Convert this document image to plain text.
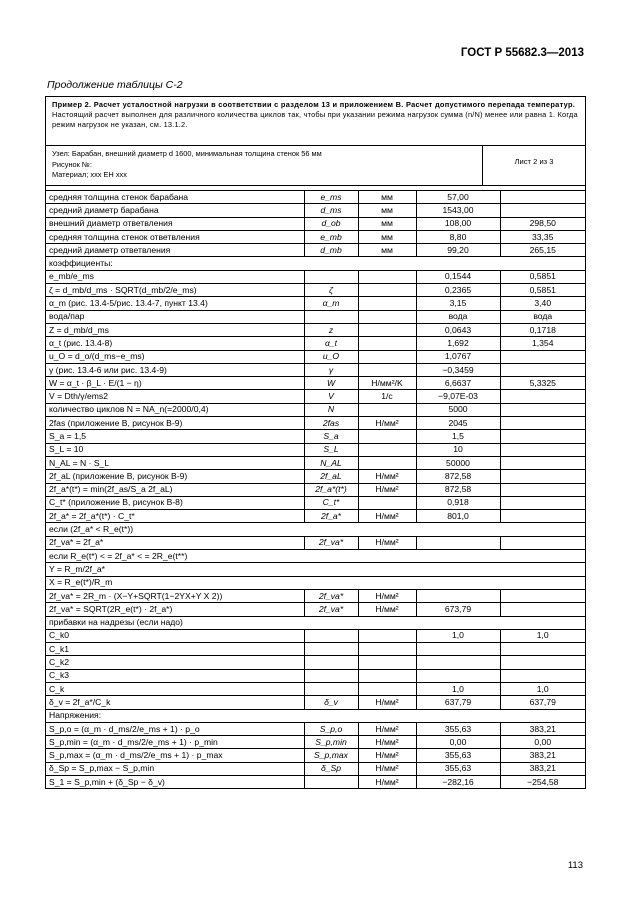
ГОСТ Р 55682.3—2013
Продолжение таблицы С-2
Пример 2. Расчет усталостной нагрузки в соответствии с разделом 13 и приложением В. Расчет допустимого перепада температур.
Настоящий расчет выполнен для различного количества циклов так, чтобы при указании режима нагрузок сумма (n/N) менее или равна 1. Когда режим нагрузок не указан, см. 13.1.2.
Узел: Барабан, внешний диаметр d 1600, минимальная толщина стенок 56 мм
Рисунок №:
Материал; xxx EH xxx
Лист 2 из 3
средняя толщина стенок барабана	e_ms	мм	57,00	
средний диаметр барабана	d_ms	мм	1543,00	
внешний диаметр ответвления	d_ob	мм	108,00	298,50
средняя толщина стенок ответвления	e_mb	мм	8,80	33,35
средний диаметр ответвления	d_mb	мм	99,20	265,15
коэффициенты:				
e_mb/e_ms			0,1544	0,5851
ζ = d_mb/d_ms · SQRT(d_mb/2/e_ms)	ζ		0,2365	0,5851
α_m (рис. 13.4-5/рис. 13.4-7, пункт 13.4)	α_m		3,15	3,40
вода/пар			вода	вода
Z = d_mb/d_ms	z		0,0643	0,1718
α_t (рис. 13.4-8)	α_t		1,692	1,354
u_O = d_o/(d_ms−e_ms)	u_O		1,0767	
γ (рис. 13.4-6 или рис. 13.4-9)	γ		−0,3459	
W = α_t · β_L · E/(1 − η)	W	Н/мм²/K	6,6637	5,3325
V = Dth/γ/ems2	V	1/с	−9,07E-03	
количество циклов N = NA_n(=2000/0,4)	N		5000	
2fas (приложение В, рисунок В-9)	2fas	Н/мм²	2045	
S_a = 1,5	S_a		1,5	
S_L = 10	S_L		10	
N_AL = N · S_L	N_AL		50000	
2f_aL (приложение В, рисунок В-9)	2f_aL	Н/мм²	872,58	
2f_a*(t*) = min(2f_as/S_a 2f_aL)	2f_a*(t*)	Н/мм²	872,58	
C_t* (приложение В, рисунок В-8)	C_t*		0,918	
2f_a* = 2f_a*(t*) · C_t*	2f_a*	Н/мм²	801,0	
если (2f_a* < R_e(t*))				
2f_va* = 2f_a*	2f_va*	Н/мм²		
если R_e(t*) < = 2f_a* < = 2R_e(t**)				
Y = R_m/2f_a*				
X = R_e(t*)/R_m				
2f_va* = 2R_m · (X−Y+SQRT(1−2YX+Y X 2))	2f_va*	Н/мм²		
2f_va* = SQRT(2R_e(t*) · 2f_a*)	2f_va*	Н/мм²	673,79	
прибавки на надрезы (если надо)				
C_k0			1,0	1,0
C_k1				
C_k2				
C_k3				
C_k			1,0	1,0
δ_v = 2f_a*/C_k	δ_v	Н/мм²	637,79	637,79
Напряжения:				
S_p,o = (α_m · d_ms/2/e_ms + 1) · p_o	S_p,o	Н/мм²	355,63	383,21
S_p,min = (α_m · d_ms/2/e_ms + 1) · p_min	S_p,min	Н/мм²	0,00	0,00
S_p,max = (α_m · d_ms/2/e_ms + 1) · p_max	S_p,max	Н/мм²	355,63	383,21
δ_Sp = S_p,max − S_p,min	δ_Sp	Н/мм²	355,63	383,21
S_1 = S_p,min + (δ_Sp − δ_v)		Н/мм²	−282,16	−254,58
113
